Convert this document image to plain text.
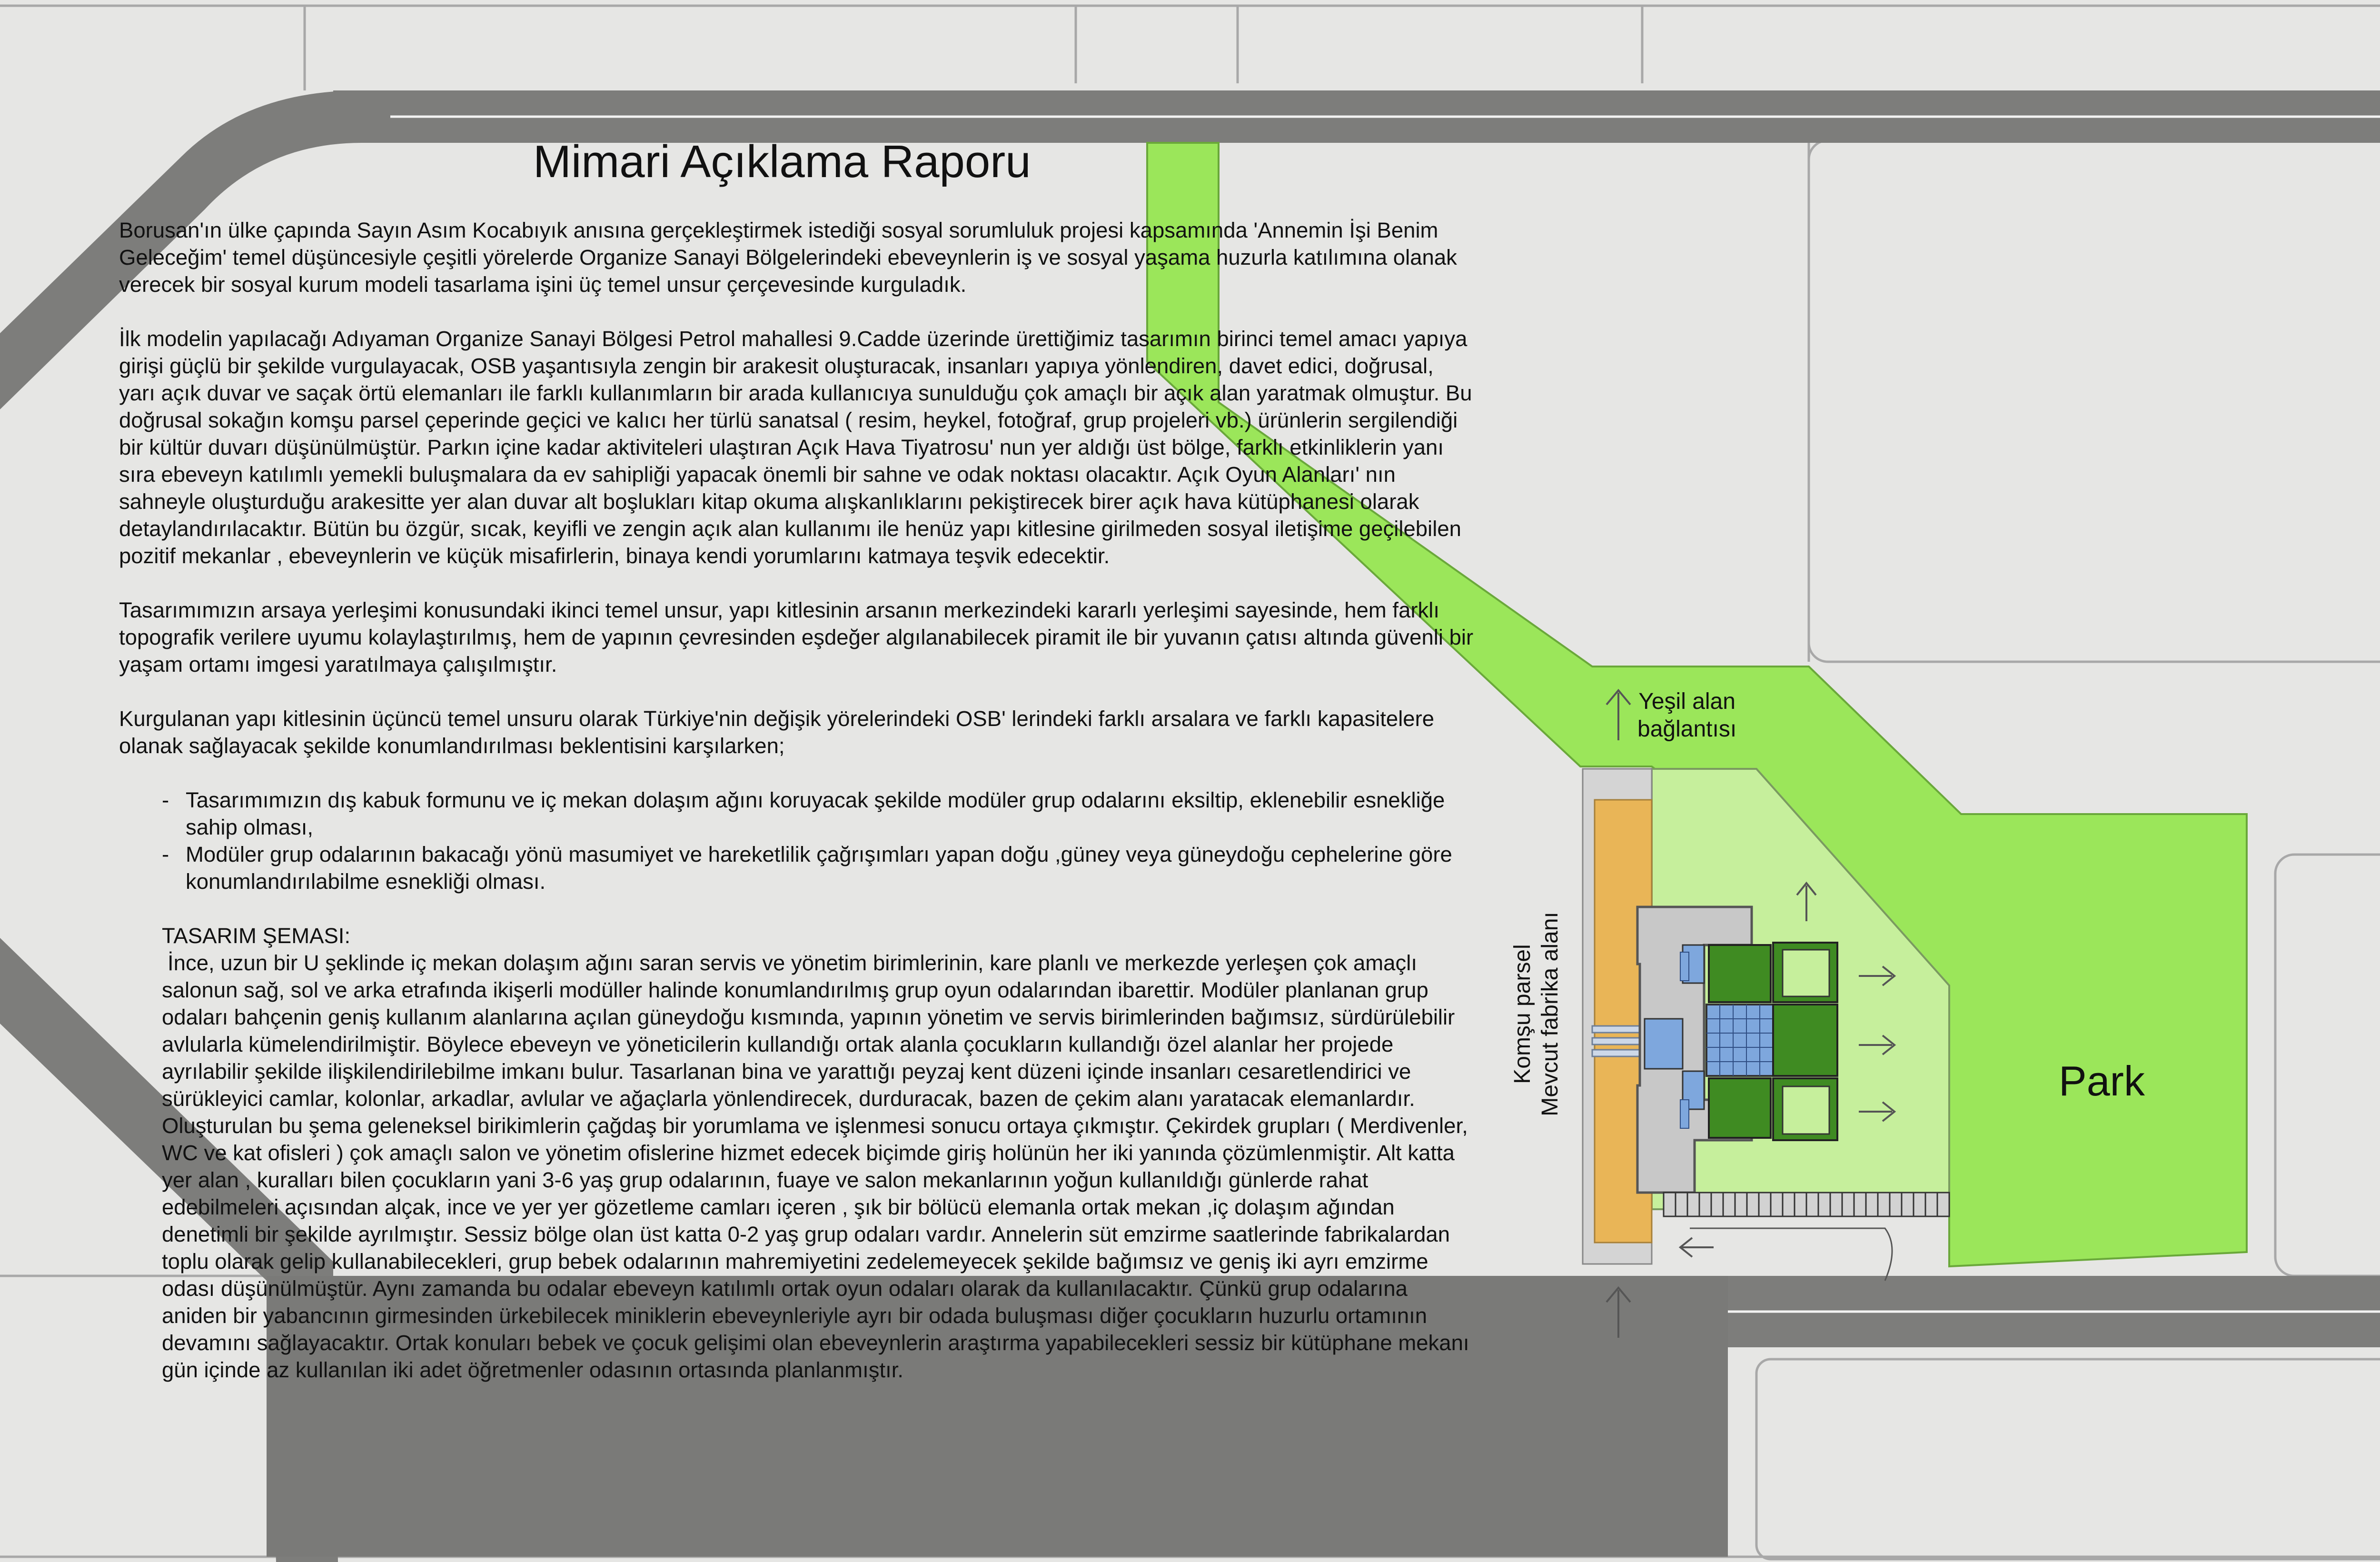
Mimari Açıklama Raporu

Borusan'ın ülke çapında Sayın Asım Kocabıyık anısına gerçekleştirmek istediği sosyal sorumluluk projesi kapsamında 'Annemin İşi Benim Geleceğim' temel düşüncesiyle çeşitli yörelerde Organize Sanayi Bölgelerindeki ebeveynlerin iş ve sosyal yaşama huzurla katılımına olanak verecek bir sosyal kurum modeli tasarlama işini üç temel unsur çerçevesinde kurguladık.

İlk modelin yapılacağı Adıyaman Organize Sanayi Bölgesi Petrol mahallesi 9.Cadde üzerinde ürettiğimiz tasarımın birinci temel amacı yapıya girişi güçlü bir şekilde vurgulayacak, OSB yaşantısıyla zengin bir arakesit oluşturacak, insanları yapıya yönlendiren, davet edici, doğrusal, yarı açık duvar ve saçak örtü elemanları ile farklı kullanımların bir arada kullanıcıya sunulduğu çok amaçlı bir açık alan yaratmak olmuştur. Bu doğrusal sokağın komşu parsel çeperinde geçici ve kalıcı her türlü sanatsal ( resim, heykel, fotoğraf, grup projeleri vb.) ürünlerin sergilendiği bir kültür duvarı düşünülmüştür. Parkın içine kadar aktiviteleri ulaştıran Açık Hava Tiyatrosu' nun yer aldığı üst bölge, farklı etkinliklerin yanı sıra ebeveyn katılımlı yemekli buluşmalara da ev sahipliği yapacak önemli bir sahne ve odak noktası olacaktır. Açık Oyun Alanları' nın sahneyle oluşturduğu arakesitte yer alan duvar alt boşlukları kitap okuma alışkanlıklarını pekiştirecek birer açık hava kütüphanesi olarak detaylandırılacaktır. Bütün bu özgür, sıcak, keyifli ve zengin açık alan kullanımı ile henüz yapı kitlesine girilmeden sosyal iletişime geçilebilen pozitif mekanlar , ebeveynlerin ve küçük misafirlerin, binaya kendi yorumlarını katmaya teşvik edecektir.

Tasarımımızın arsaya yerleşimi konusundaki ikinci temel unsur, yapı kitlesinin arsanın merkezindeki kararlı yerleşimi sayesinde, hem farklı topografik verilere uyumu kolaylaştırılmış, hem de yapının çevresinden eşdeğer algılanabilecek piramit ile bir yuvanın çatısı altında güvenli bir yaşam ortamı imgesi yaratılmaya çalışılmıştır.

Kurgulanan yapı kitlesinin üçüncü temel unsuru olarak Türkiye'nin değişik yörelerindeki OSB' lerindeki farklı arsalara ve farklı kapasitelere olanak sağlayacak şekilde konumlandırılması beklentisini karşılarken;

- Tasarımımızın dış kabuk formunu ve iç mekan dolaşım ağını koruyacak şekilde modüler grup odalarını eksiltip, eklenebilir esnekliğe sahip olması,
- Modüler grup odalarının bakacağı yönü masumiyet ve hareketlilik çağrışımları yapan doğu ,güney veya güneydoğu cephelerine göre konumlandırılabilme esnekliği olması.

TASARIM ŞEMASI:

İnce, uzun bir U şeklinde iç mekan dolaşım ağını saran servis ve yönetim birimlerinin, kare planlı ve merkezde yerleşen çok amaçlı salonun sağ, sol ve arka etrafında ikişerli modüller halinde konumlandırılmış grup oyun odalarından ibarettir. Modüler planlanan grup odaları bahçenin geniş kullanım alanlarına açılan güneydoğu kısmında, yapının yönetim ve servis birimlerinden bağımsız, sürdürülebilir avlularla kümelendirilmiştir. Böylece ebeveyn ve yöneticilerin kullandığı ortak alanla çocukların kullandığı özel alanlar her projede ayrılabilir şekilde ilişkilendirilebilme imkanı bulur. Tasarlanan bina ve yarattığı peyzaj kent düzeni içinde insanları cesaretlendirici ve sürükleyici camlar, kolonlar, arkadlar, avlular ve ağaçlarla yönlendirecek, durduracak, bazen de çekim alanı yaratacak elemanlardır. Oluşturulan bu şema geleneksel birikimlerin çağdaş bir yorumlama ve işlenmesi sonucu ortaya çıkmıştır. Çekirdek grupları ( Merdivenler, WC ve kat ofisleri ) çok amaçlı salon ve yönetim ofislerine hizmet edecek biçimde giriş holünün her iki yanında çözümlenmiştir. Alt katta yer alan , kuralları bilen çocukların yani 3-6 yaş grup odalarının, fuaye ve salon mekanlarının yoğun kullanıldığı günlerde rahat edebilmeleri açısından alçak, ince ve yer yer gözetleme camları içeren , şık bir bölücü elemanla ortak mekan ,iç dolaşım ağından denetimli bir şekilde ayrılmıştır. Sessiz bölge olan üst katta 0-2 yaş grup odaları vardır. Annelerin süt emzirme saatlerinde fabrikalardan toplu olarak gelip kullanabilecekleri, grup bebek odalarının mahremiyetini zedelemeyecek şekilde bağımsız ve geniş iki ayrı emzirme odası düşünülmüştür. Aynı zamanda bu odalar ebeveyn katılımlı ortak oyun odaları olarak da kullanılacaktır. Çünkü grup odalarına aniden bir yabancının girmesinden ürkebilecek miniklerin ebeveynleriyle ayrı bir odada buluşması diğer çocukların huzurlu ortamının devamını sağlayacaktır. Ortak konuları bebek ve çocuk gelişimi olan ebeveynlerin araştırma yapabilecekleri sessiz bir kütüphane mekanı gün içinde az kullanılan iki adet öğretmenler odasının ortasında planlanmıştır.

Yeşil alan
bağlantısı
Park
Komşu parsel Mevcut fabrika alanı
